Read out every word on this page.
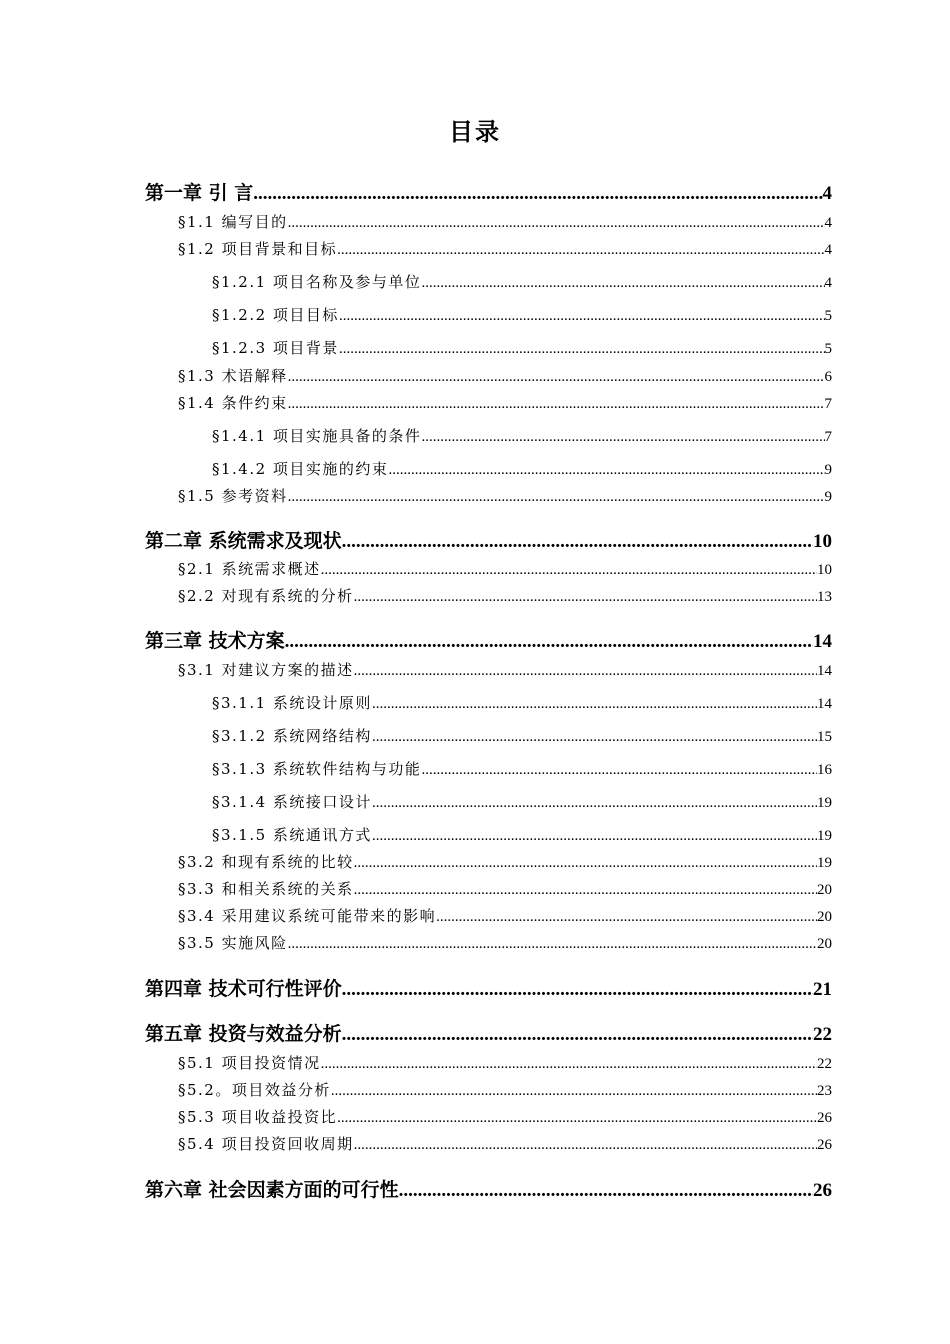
目录
第一章 引 言 .....	4
§1.1 编写目的 .....	4
§1.2 项目背景和目标 .....	4
§1.2.1 项目名称及参与单位 .....	4
§1.2.2 项目目标 .....	5
§1.2.3 项目背景 .....	5
§1.3 术语解释 .....	6
§1.4 条件约束 .....	7
§1.4.1 项目实施具备的条件 .....	7
§1.4.2 项目实施的约束 .....	9
§1.5 参考资料 .....	9
第二章 系统需求及现状 .....	10
§2.1 系统需求概述 .....	10
§2.2 对现有系统的分析 .....	13
第三章 技术方案 .....	14
§3.1 对建议方案的描述 .....	14
§3.1.1 系统设计原则 .....	14
§3.1.2 系统网络结构 .....	15
§3.1.3 系统软件结构与功能 .....	16
§3.1.4 系统接口设计 .....	19
§3.1.5 系统通讯方式 .....	19
§3.2 和现有系统的比较 .....	19
§3.3 和相关系统的关系 .....	20
§3.4 采用建议系统可能带来的影响 .....	20
§3.5 实施风险 .....	20
第四章 技术可行性评价 .....	21
第五章 投资与效益分析 .....	22
§5.1 项目投资情况 .....	22
§5.2。项目效益分析 .....	23
§5.3 项目收益投资比 .....	26
§5.4 项目投资回收周期 .....	26
第六章 社会因素方面的可行性 .....	26
